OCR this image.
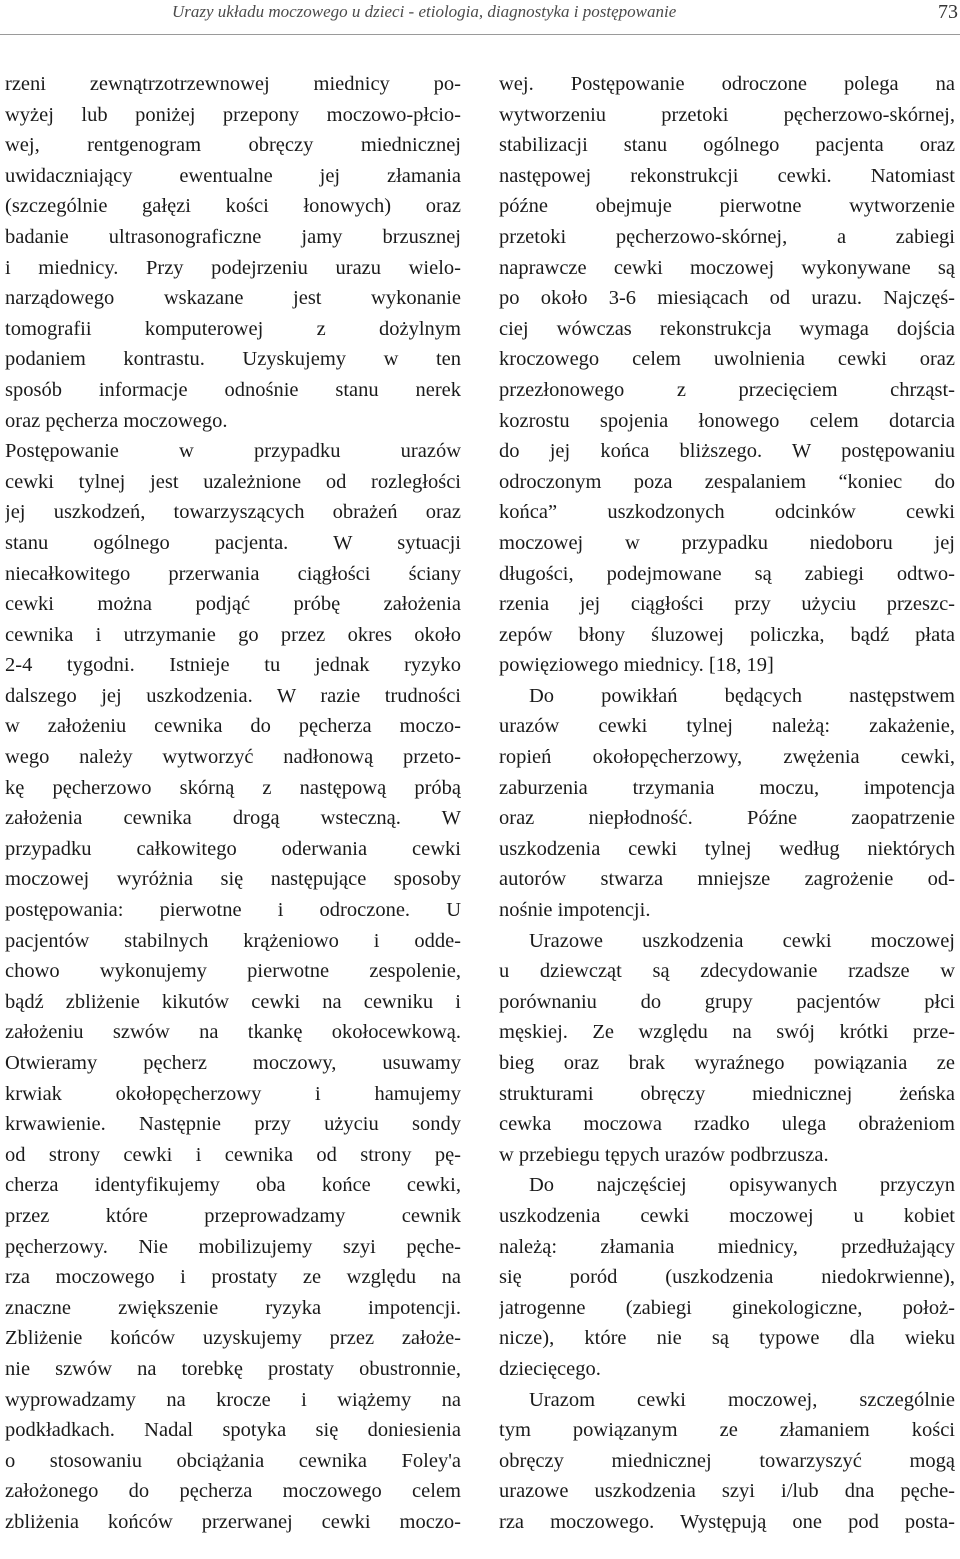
Urazy układu moczowego u dzieci - etiologia, diagnostyka i postępowanie	73
rzeni zewnątrzotrzewnowej miednicy po-
wyżej lub poniżej przepony moczowo-płcio-
wej, rentgenogram obręczy miednicznej
uwidaczniający ewentualne jej złamania
(szczególnie gałęzi kości łonowych) oraz
badanie ultrasonograficzne jamy brzusznej
i miednicy. Przy podejrzeniu urazu wielo-
narządowego wskazane jest wykonanie
tomografii komputerowej z dożylnym
podaniem kontrastu. Uzyskujemy w ten
sposób informacje odnośnie stanu nerek
oraz pęcherza moczowego.
Postępowanie w przypadku urazów
cewki tylnej jest uzależnione od rozległości
jej uszkodzeń, towarzyszących obrażeń oraz
stanu ogólnego pacjenta. W sytuacji
niecałkowitego przerwania ciągłości ściany
cewki można podjąć próbę założenia
cewnika i utrzymanie go przez okres około
2-4 tygodni. Istnieje tu jednak ryzyko
dalszego jej uszkodzenia. W razie trudności
w założeniu cewnika do pęcherza moczo-
wego należy wytworzyć nadłonową przeto-
kę pęcherzowo skórną z następową próbą
założenia cewnika drogą wsteczną. W
przypadku całkowitego oderwania cewki
moczowej wyróżnia się następujące sposoby
postępowania: pierwotne i odroczone. U
pacjentów stabilnych krążeniowo i odde-
chowo wykonujemy pierwotne zespolenie,
bądź zbliżenie kikutów cewki na cewniku i
założeniu szwów na tkankę okołocewkową.
Otwieramy pęcherz moczowy, usuwamy
krwiak okołopęcherzowy i hamujemy
krwawienie. Następnie przy użyciu sondy
od strony cewki i cewnika od strony pę-
cherza identyfikujemy oba końce cewki,
przez które przeprowadzamy cewnik
pęcherzowy. Nie mobilizujemy szyi pęche-
rza moczowego i prostaty ze względu na
znaczne zwiększenie ryzyka impotencji.
Zbliżenie końców uzyskujemy przez założe-
nie szwów na torebkę prostaty obustronnie,
wyprowadzamy na krocze i wiążemy na
podkładkach. Nadal spotyka się doniesienia
o stosowaniu obciążania cewnika Foley'a
założonego do pęcherza moczowego celem
zbliżenia końców przerwanej cewki moczo-
wej. Postępowanie odroczone polega na
wytworzeniu przetoki pęcherzowo-skórnej,
stabilizacji stanu ogólnego pacjenta oraz
następowej rekonstrukcji cewki. Natomiast
późne obejmuje pierwotne wytworzenie
przetoki pęcherzowo-skórnej, a zabiegi
naprawcze cewki moczowej wykonywane są
po około 3-6 miesiącach od urazu. Najczęś-
ciej wówczas rekonstrukcja wymaga dojścia
kroczowego celem uwolnienia cewki oraz
przezłonowego z przecięciem chrząst-
kozrostu spojenia łonowego celem dotarcia
do jej końca bliższego. W postępowaniu
odroczonym poza zespalaniem “koniec do
końca” uszkodzonych odcinków cewki
moczowej w przypadku niedoboru jej
długości, podejmowane są zabiegi odtwo-
rzenia jej ciągłości przy użyciu przeszc-
zepów błony śluzowej policzka, bądź płata
powięziowego miednicy. [18, 19]
Do powikłań będących następstwem
urazów cewki tylnej należą: zakażenie,
ropień okołopęcherzowy, zwężenia cewki,
zaburzenia trzymania moczu, impotencja
oraz niepłodność. Późne zaopatrzenie
uszkodzenia cewki tylnej według niektórych
autorów stwarza mniejsze zagrożenie od-
nośnie impotencji.
Urazowe uszkodzenia cewki moczowej
u dziewcząt są zdecydowanie rzadsze w
porównaniu do grupy pacjentów płci
męskiej. Ze względu na swój krótki prze-
bieg oraz brak wyraźnego powiązania ze
strukturami obręczy miednicznej żeńska
cewka moczowa rzadko ulega obrażeniom
w przebiegu tępych urazów podbrzusza.
Do najczęściej opisywanych przyczyn
uszkodzenia cewki moczowej u kobiet
należą: złamania miednicy, przedłużający
się poród (uszkodzenia niedokrwienne),
jatrogenne (zabiegi ginekologiczne, położ-
nicze), które nie są typowe dla wieku
dziecięcego.
Urazom cewki moczowej, szczególnie
tym powiązanym ze złamaniem kości
obręczy miednicznej towarzyszyć mogą
urazowe uszkodzenia szyi i/lub dna pęche-
rza moczowego. Występują one pod posta-
